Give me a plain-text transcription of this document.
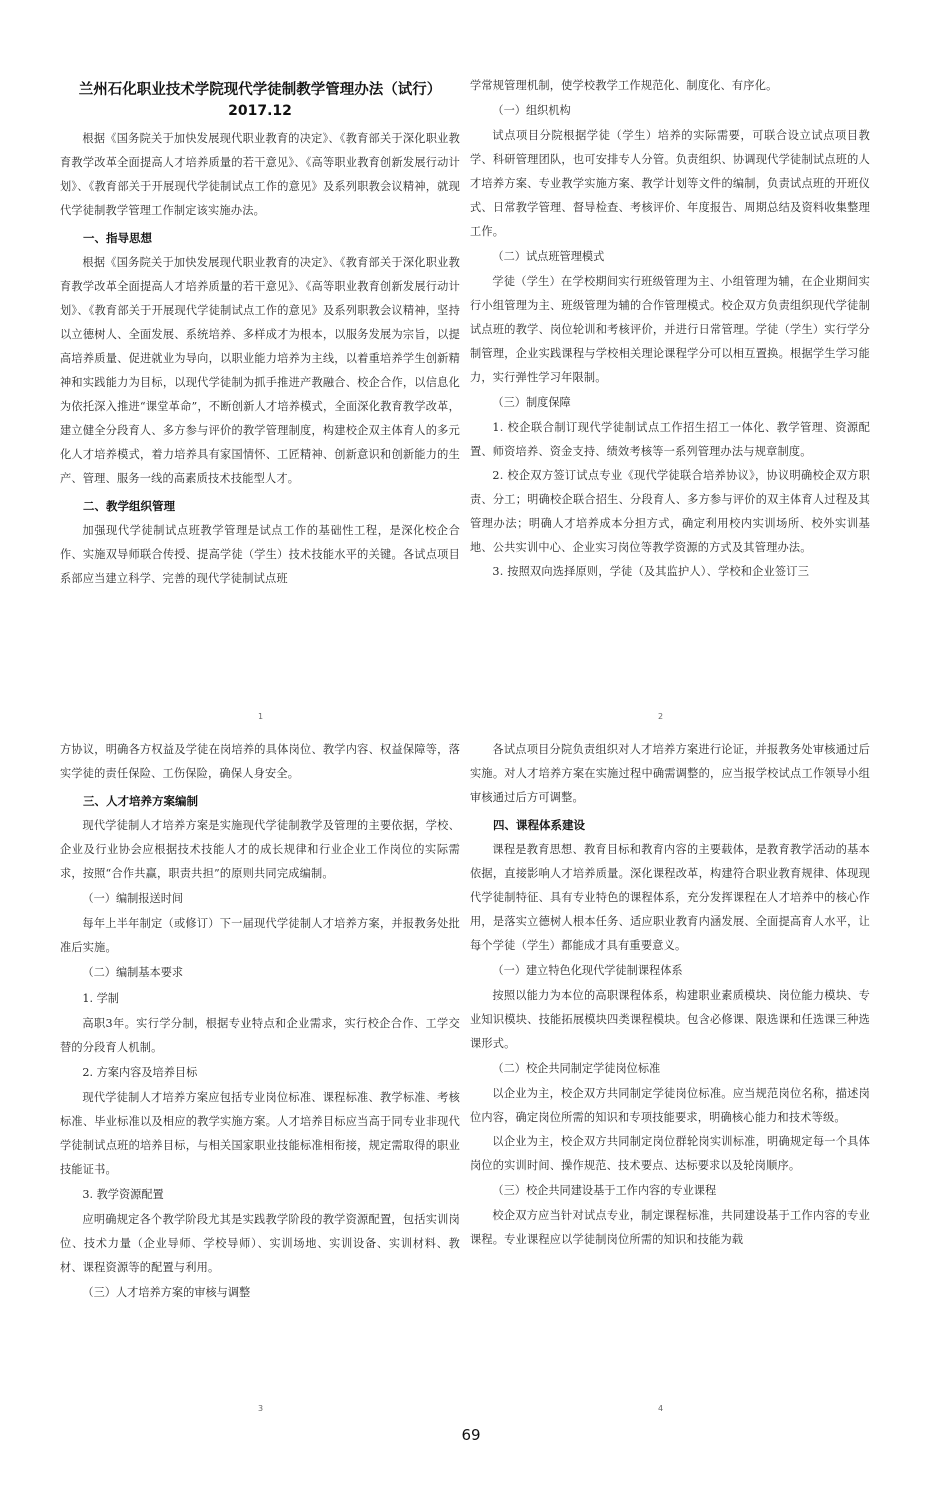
兰州石化职业技术学院现代学徒制教学管理办法（试行）
2017.12

根据《国务院关于加快发展现代职业教育的决定》、《教育部关于深化职业教育教学改革全面提高人才培养质量的若干意见》、《高等职业教育创新发展行动计划》、《教育部关于开展现代学徒制试点工作的意见》及系列职教会议精神，就现代学徒制教学管理工作制定该实施办法。

一、指导思想

根据《国务院关于加快发展现代职业教育的决定》、《教育部关于深化职业教育教学改革全面提高人才培养质量的若干意见》、《高等职业教育创新发展行动计划》、《教育部关于开展现代学徒制试点工作的意见》及系列职教会议精神，坚持以立德树人、全面发展、系统培养、多样成才为根本，以服务发展为宗旨，以提高培养质量、促进就业为导向，以职业能力培养为主线，以着重培养学生创新精神和实践能力为目标，以现代学徒制为抓手推进产教融合、校企合作，以信息化为依托深入推进“课堂革命”，不断创新人才培养模式，全面深化教育教学改革，建立健全分段育人、多方参与评价的教学管理制度，构建校企双主体育人的多元化人才培养模式，着力培养具有家国情怀、工匠精神、创新意识和创新能力的生产、管理、服务一线的高素质技术技能型人才。

二、教学组织管理

加强现代学徒制试点班教学管理是试点工作的基础性工程，是深化校企合作、实施双导师联合传授、提高学徒（学生）技术技能水平的关键。各试点项目系部应当建立科学、完善的现代学徒制试点班

1

学常规管理机制，使学校教学工作规范化、制度化、有序化。

（一）组织机构

试点项目分院根据学徒（学生）培养的实际需要，可联合设立试点项目教学、科研管理团队，也可安排专人分管。负责组织、协调现代学徒制试点班的人才培养方案、专业教学实施方案、教学计划等文件的编制，负责试点班的开班仪式、日常教学管理、督导检查、考核评价、年度报告、周期总结及资料收集整理工作。

（二）试点班管理模式

学徒（学生）在学校期间实行班级管理为主、小组管理为辅，在企业期间实行小组管理为主、班级管理为辅的合作管理模式。校企双方负责组织现代学徒制试点班的教学、岗位轮训和考核评价，并进行日常管理。学徒（学生）实行学分制管理，企业实践课程与学校相关理论课程学分可以相互置换。根据学生学习能力，实行弹性学习年限制。

（三）制度保障

1. 校企联合制订现代学徒制试点工作招生招工一体化、教学管理、资源配置、师资培养、资金支持、绩效考核等一系列管理办法与规章制度。

2. 校企双方签订试点专业《现代学徒联合培养协议》，协议明确校企双方职责、分工；明确校企联合招生、分段育人、多方参与评价的双主体育人过程及其管理办法；明确人才培养成本分担方式，确定利用校内实训场所、校外实训基地、公共实训中心、企业实习岗位等教学资源的方式及其管理办法。

3. 按照双向选择原则，学徒（及其监护人）、学校和企业签订三

2

方协议，明确各方权益及学徒在岗培养的具体岗位、教学内容、权益保障等，落实学徒的责任保险、工伤保险，确保人身安全。

三、人才培养方案编制

现代学徒制人才培养方案是实施现代学徒制教学及管理的主要依据，学校、企业及行业协会应根据技术技能人才的成长规律和行业企业工作岗位的实际需求，按照“合作共赢，职责共担”的原则共同完成编制。

（一）编制报送时间

每年上半年制定（或修订）下一届现代学徒制人才培养方案，并报教务处批准后实施。

（二）编制基本要求

1. 学制

高职3年。实行学分制，根据专业特点和企业需求，实行校企合作、工学交替的分段育人机制。

2. 方案内容及培养目标

现代学徒制人才培养方案应包括专业岗位标准、课程标准、教学标准、考核标准、毕业标准以及相应的教学实施方案。人才培养目标应当高于同专业非现代学徒制试点班的培养目标，与相关国家职业技能标准相衔接，规定需取得的职业技能证书。

3. 教学资源配置

应明确规定各个教学阶段尤其是实践教学阶段的教学资源配置，包括实训岗位、技术力量（企业导师、学校导师）、实训场地、实训设备、实训材料、教材、课程资源等的配置与利用。

（三）人才培养方案的审核与调整

3

各试点项目分院负责组织对人才培养方案进行论证，并报教务处审核通过后实施。对人才培养方案在实施过程中确需调整的，应当报学校试点工作领导小组审核通过后方可调整。

四、课程体系建设

课程是教育思想、教育目标和教育内容的主要载体，是教育教学活动的基本依据，直接影响人才培养质量。深化课程改革，构建符合职业教育规律、体现现代学徒制特征、具有专业特色的课程体系，充分发挥课程在人才培养中的核心作用，是落实立德树人根本任务、适应职业教育内涵发展、全面提高育人水平，让每个学徒（学生）都能成才具有重要意义。

（一）建立特色化现代学徒制课程体系

按照以能力为本位的高职课程体系，构建职业素质模块、岗位能力模块、专业知识模块、技能拓展模块四类课程模块。包含必修课、限选课和任选课三种选课形式。

（二）校企共同制定学徒岗位标准

以企业为主，校企双方共同制定学徒岗位标准。应当规范岗位名称，描述岗位内容，确定岗位所需的知识和专项技能要求，明确核心能力和技术等级。

以企业为主，校企双方共同制定岗位群轮岗实训标准，明确规定每一个具体岗位的实训时间、操作规范、技术要点、达标要求以及轮岗顺序。

（三）校企共同建设基于工作内容的专业课程

校企双方应当针对试点专业，制定课程标准，共同建设基于工作内容的专业课程。专业课程应以学徒制岗位所需的知识和技能为载

4
69
